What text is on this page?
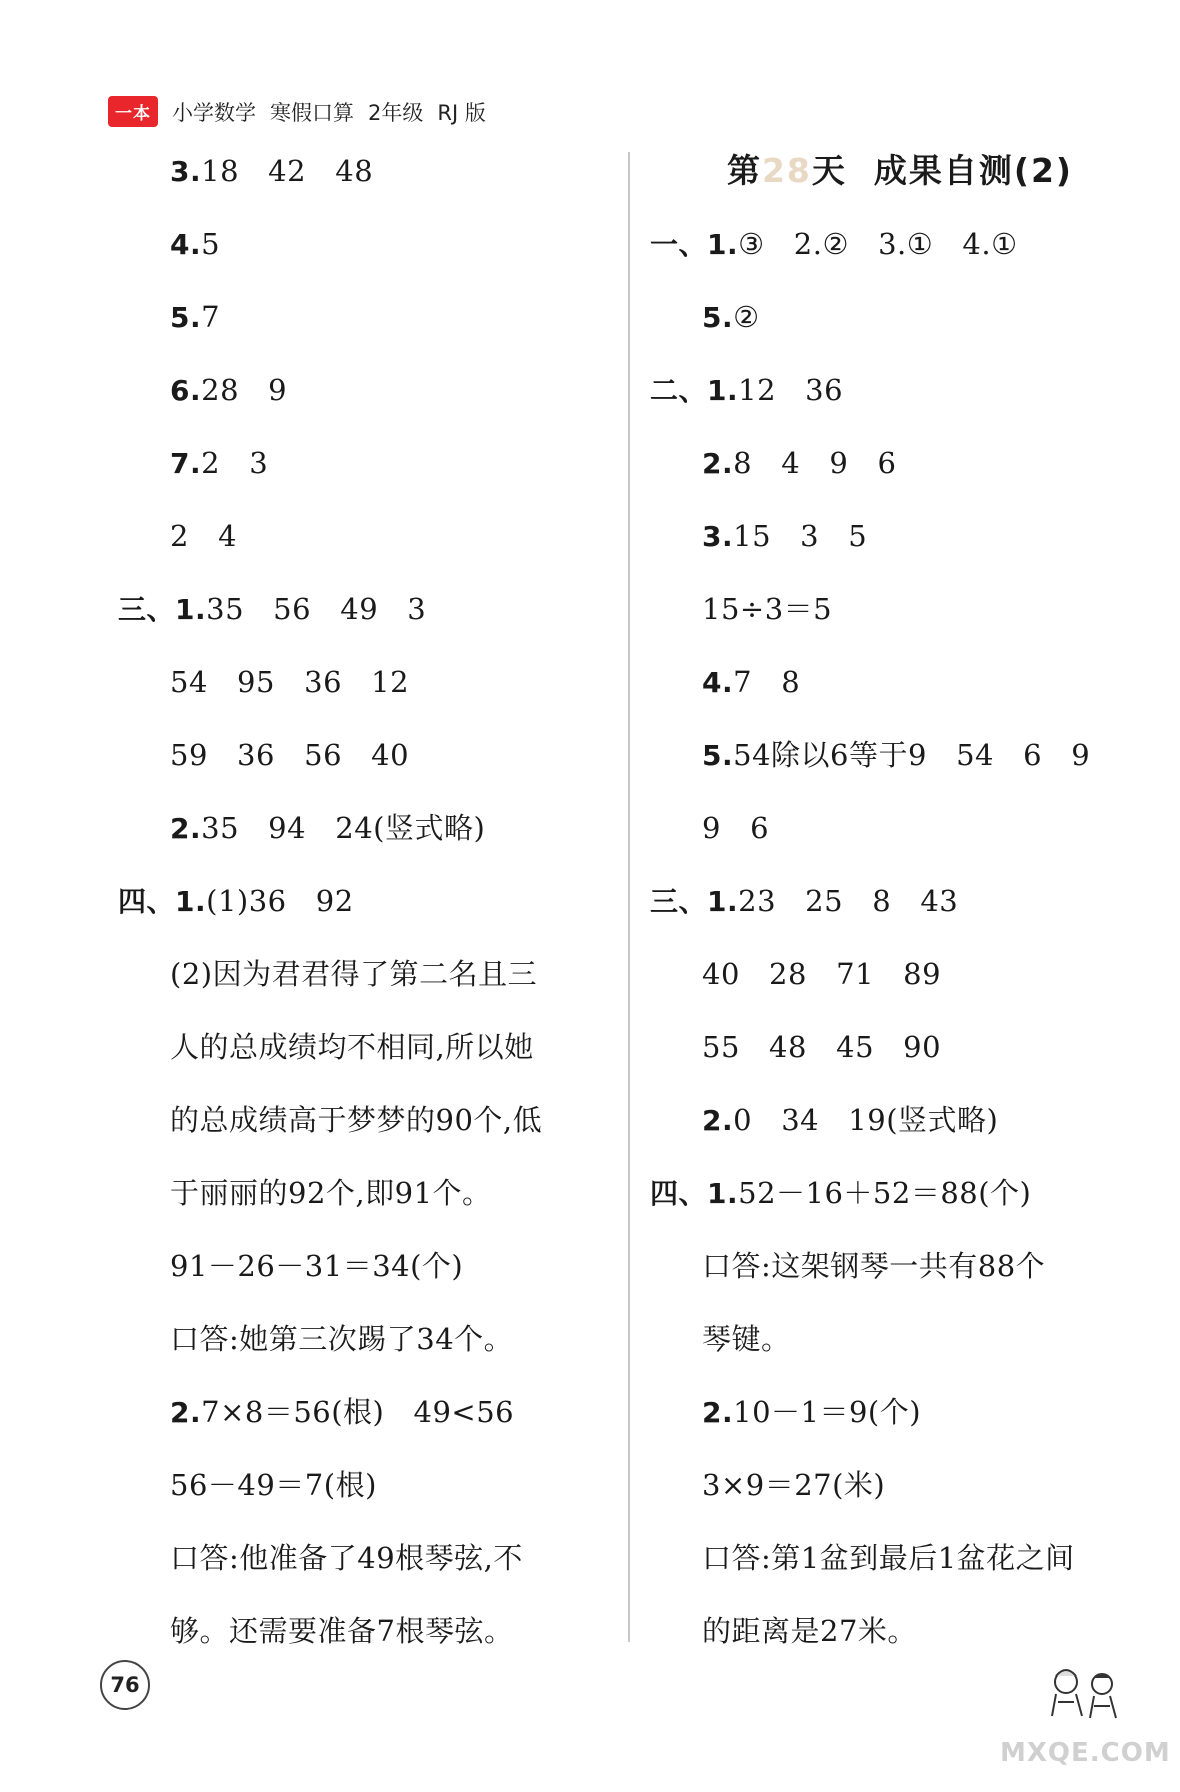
一本	小学数学 寒假口算 2年级 RJ 版
3.18   42   48
4.5
5.7
6.28   9
7.2   3
2   4
三、1.35   56   49   3
54   95   36   12
59   36   56   40
2.35   94   24(竖式略)
四、1.(1)36   92
(2)因为君君得了第二名且三
人的总成绩均不相同,所以她
的总成绩高于梦梦的90个,低
于丽丽的92个,即91个。
91－26－31＝34(个)
口答:她第三次踢了34个。
2.7×8＝56(根)   49<56
56－49＝7(根)
口答:他准备了49根琴弦,不
够。还需要准备7根琴弦。
第28天 成果自测(2)
一、1.③   2.②   3.①   4.①
5.②
二、1.12   36
2.8   4   9   6
3.15   3   5
15÷3＝5
4.7   8
5.54除以6等于9   54   6   9
9   6
三、1.23   25   8   43
40   28   71   89
55   48   45   90
2.0   34   19(竖式略)
四、1.52－16＋52＝88(个)
口答:这架钢琴一共有88个
琴键。
2.10－1＝9(个)
3×9＝27(米)
口答:第1盆到最后1盆花之间
的距离是27米。
76
MXQE.COM
